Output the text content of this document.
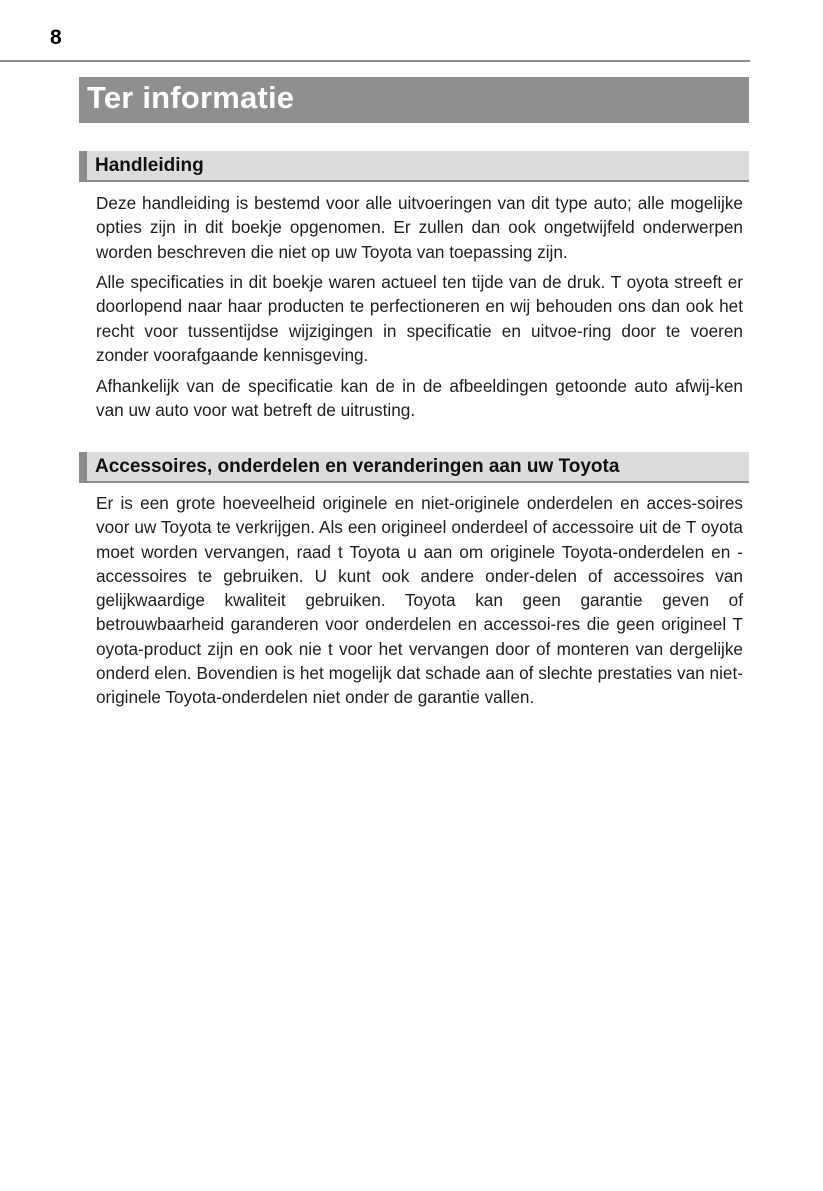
8
Ter informatie
Handleiding

Deze handleiding is bestemd voor alle uitvoeringen van dit type auto; alle mogelijke opties zijn in dit boekje opgenomen. Er zullen dan ook ongetwijfeld onderwerpen worden beschreven die niet op uw Toyota van toepassing zijn.

Alle specificaties in dit boekje waren actueel ten tijde van de druk. T oyota streeft er doorlopend naar haar producten te perfectioneren en wij behouden ons dan ook het recht voor tussentijdse wijzigingen in specificatie en uitvoe-ring door te voeren zonder voorafgaande kennisgeving.

Afhankelijk van de specificatie kan de in de afbeeldingen getoonde auto afwij-ken van uw auto voor wat betreft de uitrusting.

Accessoires, onderdelen en veranderingen aan uw Toyota

Er is een grote hoeveelheid originele en niet-originele onderdelen en acces-soires voor uw Toyota te verkrijgen. Als een origineel onderdeel of accessoire uit de T oyota moet worden vervangen, raad t Toyota u aan om originele Toyota-onderdelen en -accessoires te gebruiken. U kunt ook andere onder-delen of accessoires van gelijkwaardige kwaliteit gebruiken. Toyota kan geen garantie geven of betrouwbaarheid garanderen voor onderdelen en accessoi-res die geen origineel T oyota-product zijn en ook nie t voor het vervangen door of monteren van dergelijke onderd elen. Bovendien is het mogelijk dat schade aan of slechte prestaties van niet-originele Toyota-onderdelen niet onder de garantie vallen.
